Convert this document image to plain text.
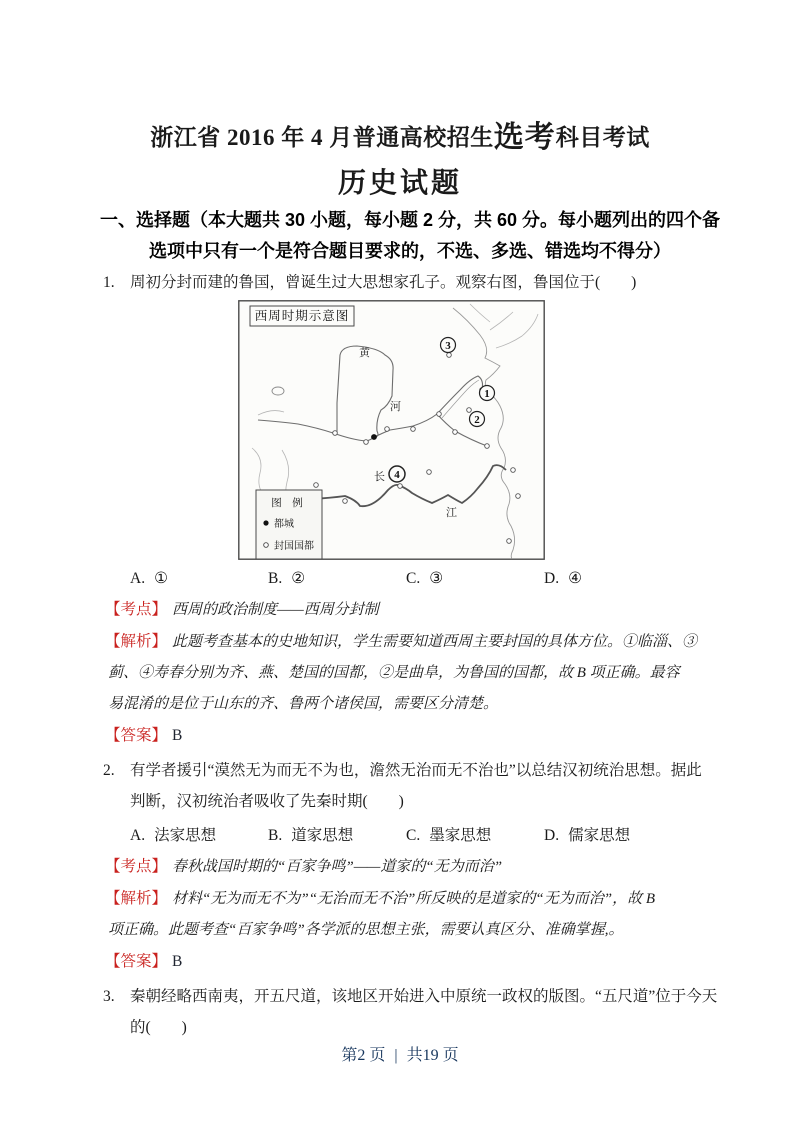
浙江省 2016 年 4 月普通高校招生选考科目考试
历史试题
一、选择题（本大题共 30 小题，每小题 2 分，共 60 分。每小题列出的四个备
选项中只有一个是符合题目要求的，不选、多选、错选均不得分）
1. 周初分封而建的鲁国，曾诞生过大思想家孔子。观察右图，鲁国位于(　　)
3
1
2
4
黄
河
长
江
西周时期示意图
图 例
都城
封国国都
A. ①	B. ②	C. ③	D. ④
【考点】 西周的政治制度——西周分封制
【解析】 此题考查基本的史地知识，学生需要知道西周主要封国的具体方位。①临淄、③
蓟、④寿春分别为齐、燕、楚国的国都，②是曲阜，为鲁国的国都，故 B 项正确。最容
易混淆的是位于山东的齐、鲁两个诸侯国，需要区分清楚。
【答案】 B
2. 有学者援引“漠然无为而无不为也，澹然无治而无不治也”以总结汉初统治思想。据此
判断，汉初统治者吸收了先秦时期(　　)
A. 法家思想	B. 道家思想	C. 墨家思想	D. 儒家思想
【考点】 春秋战国时期的“百家争鸣”——道家的“无为而治”
【解析】 材料“无为而无不为”“无治而无不治”所反映的是道家的“无为而治”，故 B
项正确。此题考查“百家争鸣”各学派的思想主张，需要认真区分、准确掌握,。
【答案】 B
3. 秦朝经略西南夷，开五尺道，该地区开始进入中原统一政权的版图。“五尺道”位于今天
的(　　)
第2 页 | 共19 页
